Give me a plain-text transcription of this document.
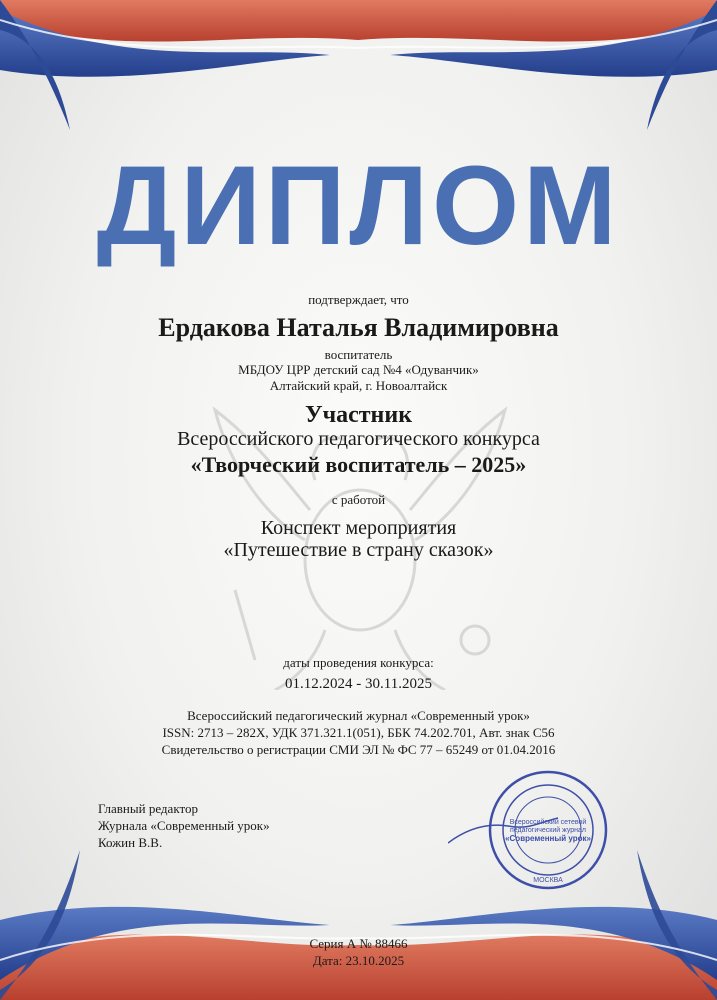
ДИПЛОМ
подтверждает, что
Ердакова Наталья Владимировна
воспитатель
МБДОУ ЦРР детский сад №4 «Одуванчик»
Алтайский край, г. Новоалтайск
Участник
Всероссийского педагогического конкурса
«Творческий воспитатель – 2025»
с работой
Конспект мероприятия
«Путешествие в страну сказок»
даты проведения конкурса:
01.12.2024 - 30.11.2025
Всероссийский педагогический журнал «Современный урок»
ISSN: 2713 – 282X, УДК 371.321.1(051), ББК 74.202.701, Авт. знак С56
Свидетельство о регистрации СМИ ЭЛ № ФС 77 – 65249 от 01.04.2016
Главный редактор
Журнала «Современный урок»
Кожин В.В.
Всероссийский сетевой
педагогический журнал
«Современный урок»
МОСКВА
Серия А № 88466
Дата: 23.10.2025
